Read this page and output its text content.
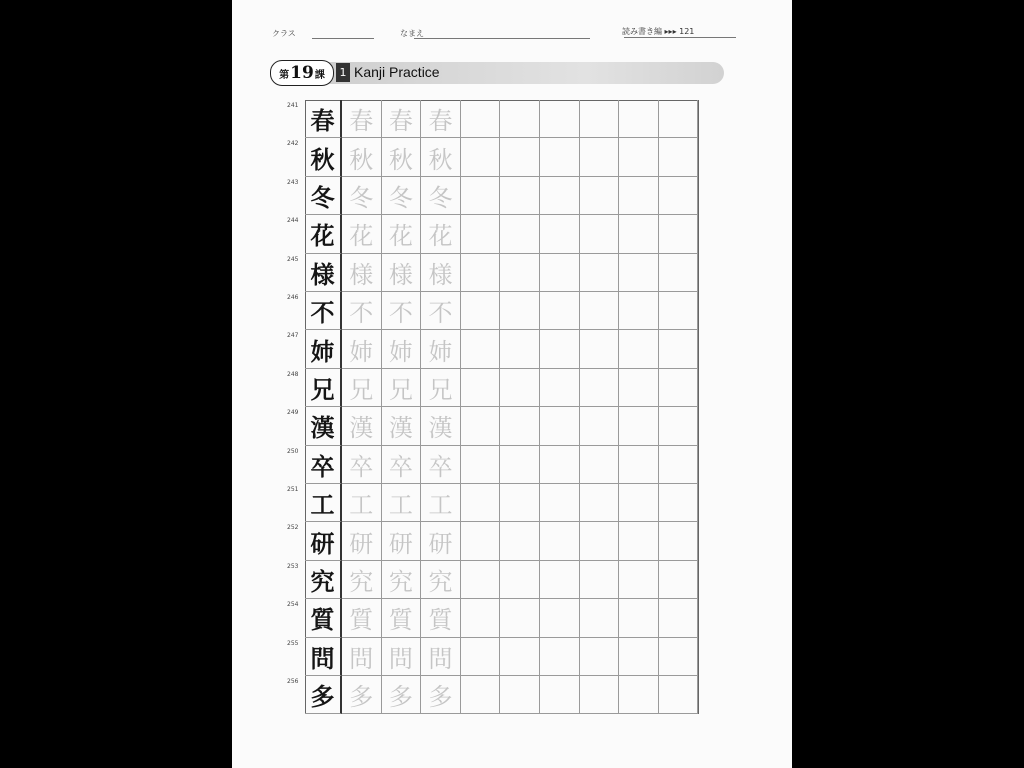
クラス	なまえ	読み書き編 ▸▸▸ 121
第 19 課	1 Kanji Practice
241
春 春 春 春
242
秋 秋 秋 秋
243
冬 冬 冬 冬
244
花 花 花 花
245
様 様 様 様
246
不 不 不 不
247
姉 姉 姉 姉
248
兄 兄 兄 兄
249
漢 漢 漢 漢
250
卒 卒 卒 卒
251
工 工 工 工
252
研 研 研 研
253
究 究 究 究
254
質 質 質 質
255
問 問 問 問
256
多 多 多 多
